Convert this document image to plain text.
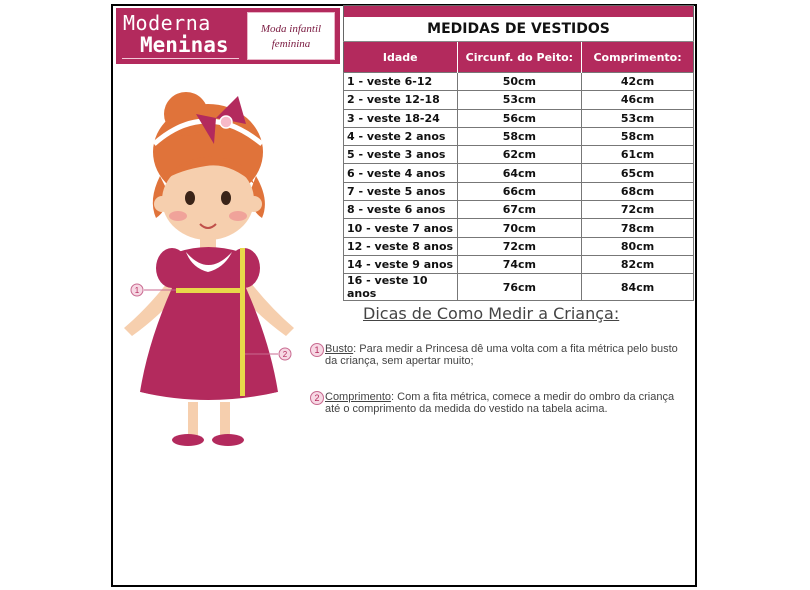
Moderna
Meninas
Moda infantil
feminina

MEDIDAS DE VESTIDOS		
Idade	Circunf. do Peito:	Comprimento:
1 - veste 6-12	50cm	42cm
2 - veste 12-18	53cm	46cm
3 - veste 18-24	56cm	53cm
4 - veste 2 anos	58cm	58cm
5 - veste 3 anos	62cm	61cm
6 - veste 4 anos	64cm	65cm
7 - veste 5 anos	66cm	68cm
8 - veste 6 anos	67cm	72cm
10 - veste 7 anos	70cm	78cm
12 - veste 8 anos	72cm	80cm
14 - veste 9 anos	74cm	82cm
16 - veste 10 anos	76cm	84cm
1
2
Dicas de Como Medir a Criança:
1 Busto: Para medir a Princesa dê uma volta com a fita métrica pelo busto da criança, sem apertar muito;
2 Comprimento: Com a fita métrica, comece a medir do ombro da criança até o comprimento da medida do vestido na tabela acima.
